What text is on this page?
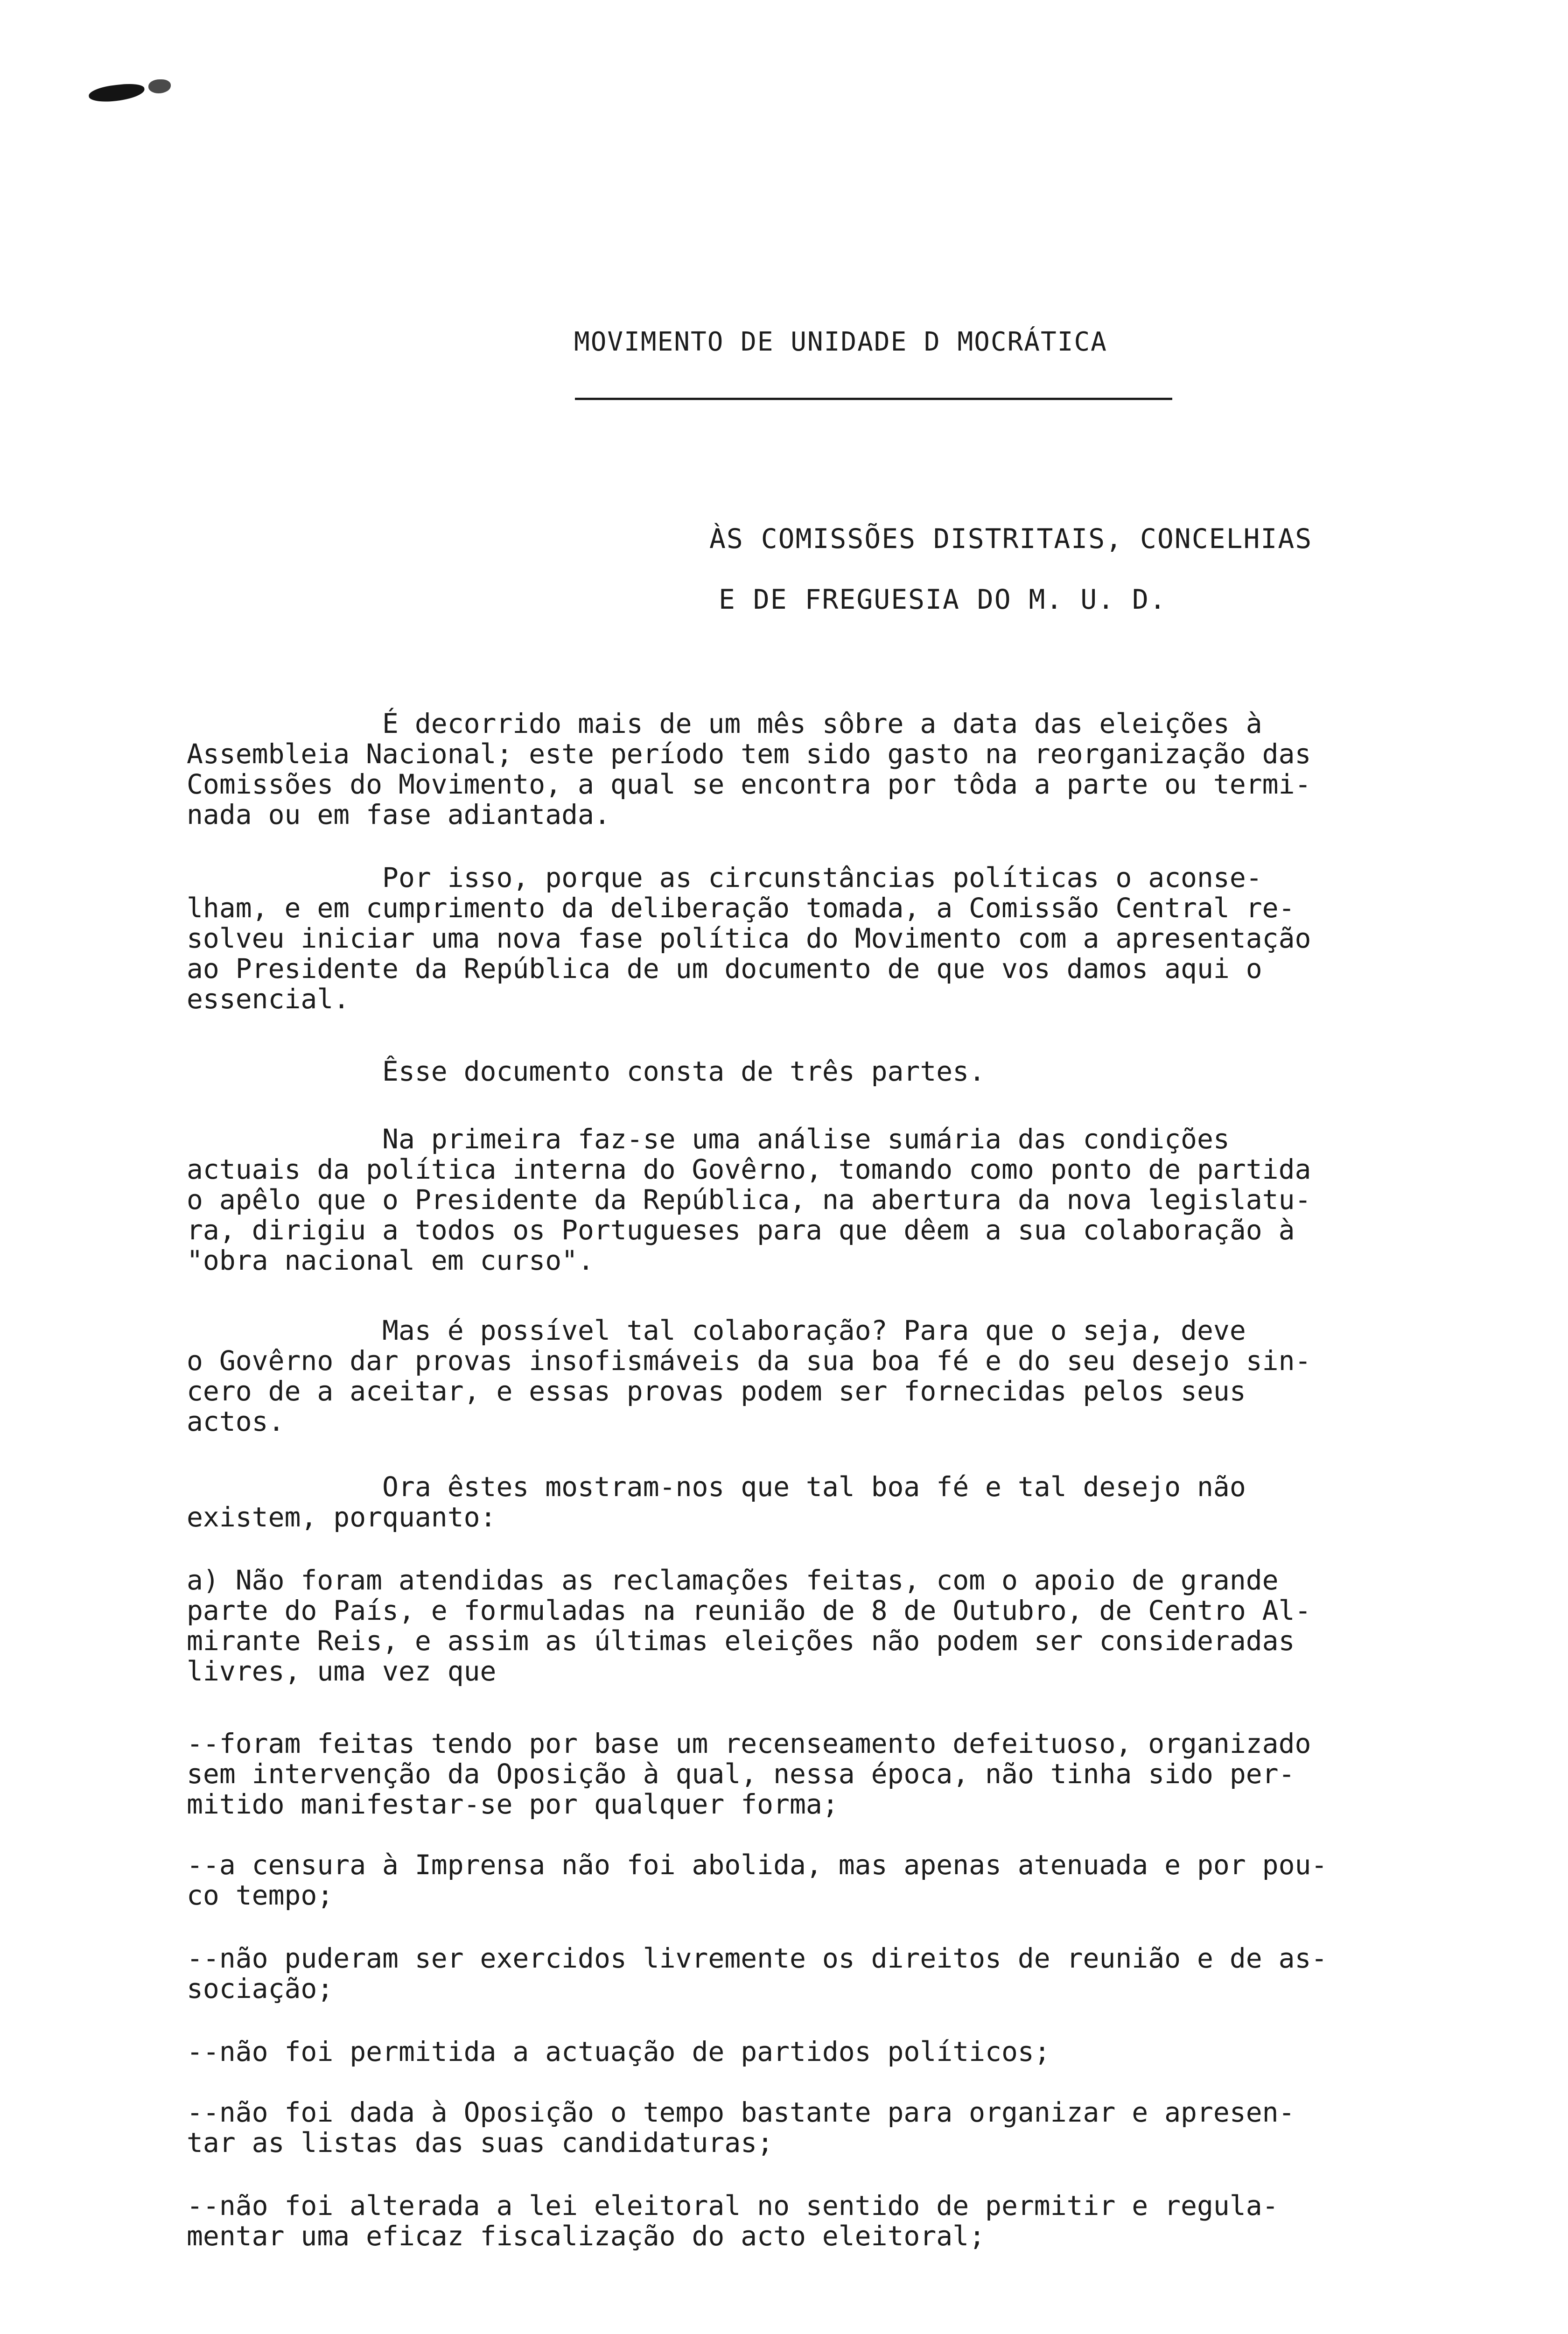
MOVIMENTO DE UNIDADE D MOCRÁTICA
ÀS COMISSÕES DISTRITAIS, CONCELHIAS
E DE FREGUESIA DO M. U. D.

É decorrido mais de um mês sôbre a data das eleições à
Assembleia Nacional; este período tem sido gasto na reorganização das
Comissões do Movimento, a qual se encontra por tôda a parte ou termi-
nada ou em fase adiantada.

Por isso, porque as circunstâncias políticas o aconse-
lham, e em cumprimento da deliberação tomada, a Comissão Central re-
solveu iniciar uma nova fase política do Movimento com a apresentação
ao Presidente da República de um documento de que vos damos aqui o
essencial.

Êsse documento consta de três partes.

Na primeira faz-se uma análise sumária das condições
actuais da política interna do Govêrno, tomando como ponto de partida
o apêlo que o Presidente da República, na abertura da nova legislatu-
ra, dirigiu a todos os Portugueses para que dêem a sua colaboração à
"obra nacional em curso".

Mas é possível tal colaboração? Para que o seja, deve
o Govêrno dar provas insofismáveis da sua boa fé e do seu desejo sin-
cero de a aceitar, e essas provas podem ser fornecidas pelos seus
actos.

Ora êstes mostram-nos que tal boa fé e tal desejo não
existem, porquanto:

a) Não foram atendidas as reclamações feitas, com o apoio de grande
parte do País, e formuladas na reunião de 8 de Outubro, de Centro Al-
mirante Reis, e assim as últimas eleições não podem ser consideradas
livres, uma vez que

--foram feitas tendo por base um recenseamento defeituoso, organizado
sem intervenção da Oposição à qual, nessa época, não tinha sido per-
mitido manifestar-se por qualquer forma;

--a censura à Imprensa não foi abolida, mas apenas atenuada e por pou-
co tempo;

--não puderam ser exercidos livremente os direitos de reunião e de as-
sociação;

--não foi permitida a actuação de partidos políticos;

--não foi dada à Oposição o tempo bastante para organizar e apresen-
tar as listas das suas candidaturas;

--não foi alterada a lei eleitoral no sentido de permitir e regula-
mentar uma eficaz fiscalização do acto eleitoral;
